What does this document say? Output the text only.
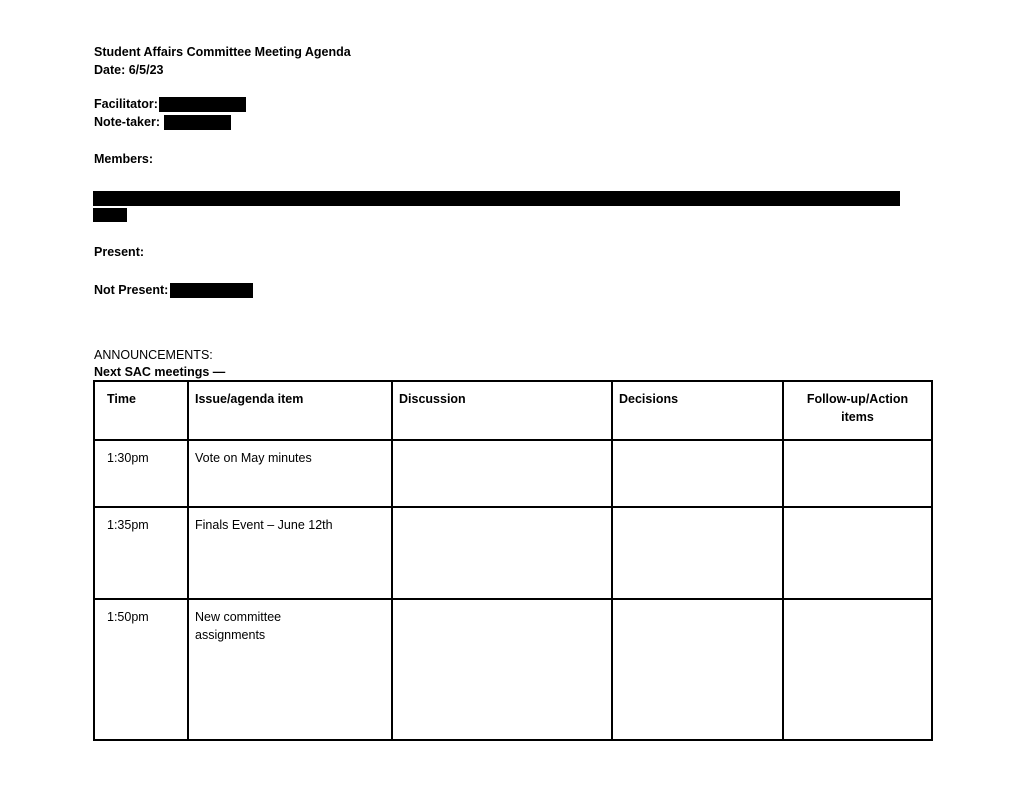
Student Affairs Committee Meeting Agenda
Date: 6/5/23
Facilitator:
Note-taker:
Members:
Present:
Not Present:
ANNOUNCEMENTS:
Next SAC meetings —
Time	Issue/agenda item	Discussion	Decisions	Follow-up/Action items
1:30pm	Vote on May minutes			
1:35pm	Finals Event – June 12th			
1:50pm	New committee assignments			
